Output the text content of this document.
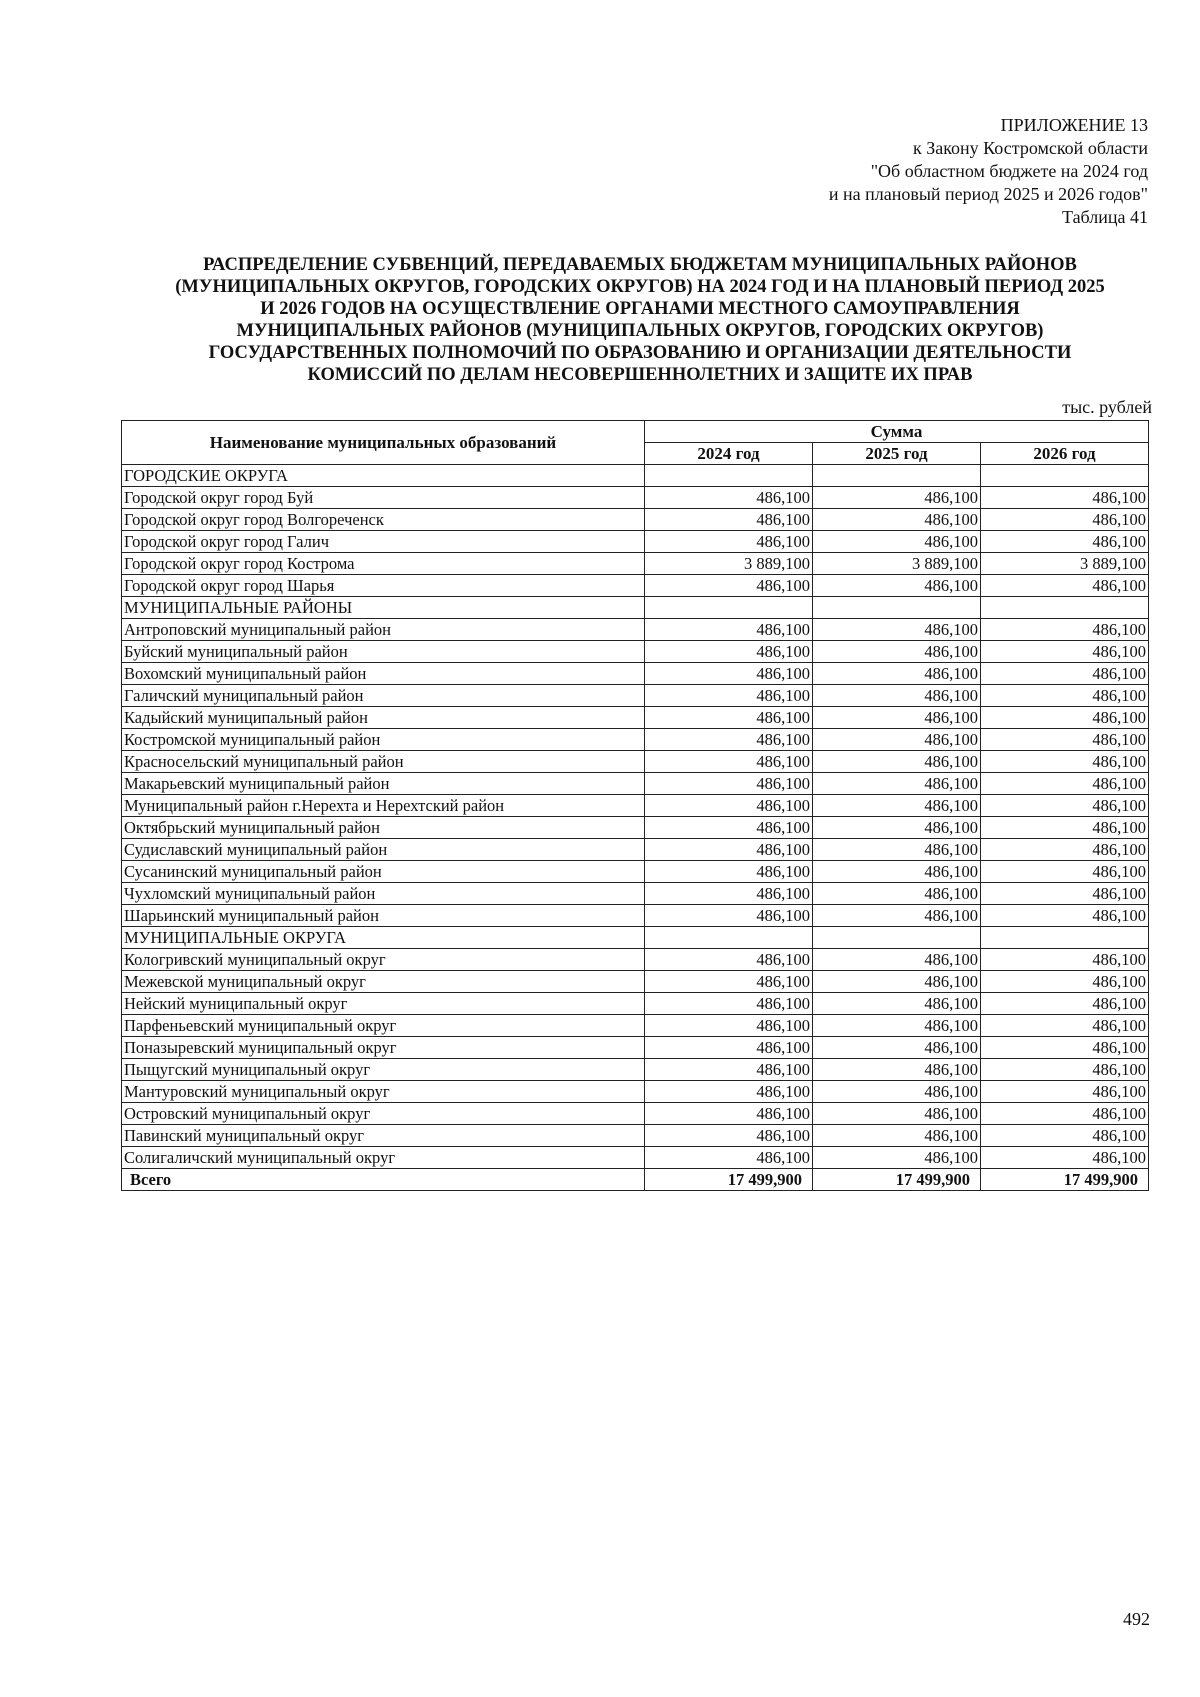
ПРИЛОЖЕНИЕ 13
к Закону Костромской области
"Об областном бюджете на 2024 год
и на плановый период 2025 и 2026 годов"
Таблица 41
РАСПРЕДЕЛЕНИЕ СУБВЕНЦИЙ, ПЕРЕДАВАЕМЫХ БЮДЖЕТАМ МУНИЦИПАЛЬНЫХ РАЙОНОВ
(МУНИЦИПАЛЬНЫХ ОКРУГОВ, ГОРОДСКИХ ОКРУГОВ) НА 2024 ГОД И НА ПЛАНОВЫЙ ПЕРИОД 2025
И 2026 ГОДОВ НА ОСУЩЕСТВЛЕНИЕ ОРГАНАМИ МЕСТНОГО САМОУПРАВЛЕНИЯ
МУНИЦИПАЛЬНЫХ РАЙОНОВ (МУНИЦИПАЛЬНЫХ ОКРУГОВ, ГОРОДСКИХ ОКРУГОВ)
ГОСУДАРСТВЕННЫХ ПОЛНОМОЧИЙ ПО ОБРАЗОВАНИЮ И ОРГАНИЗАЦИИ ДЕЯТЕЛЬНОСТИ
КОМИССИЙ ПО ДЕЛАМ НЕСОВЕРШЕННОЛЕТНИХ И ЗАЩИТЕ ИХ ПРАВ
тыс. рублей
Наименование муниципальных образований	Сумма		
	2024 год	2025 год	2026 год
ГОРОДСКИЕ ОКРУГА			
Городской округ город Буй	486,100	486,100	486,100
Городской округ город Волгореченск	486,100	486,100	486,100
Городской округ город Галич	486,100	486,100	486,100
Городской округ город Кострома	3 889,100	3 889,100	3 889,100
Городской округ город Шарья	486,100	486,100	486,100
МУНИЦИПАЛЬНЫЕ РАЙОНЫ			
Антроповский муниципальный район	486,100	486,100	486,100
Буйский муниципальный район	486,100	486,100	486,100
Вохомский муниципальный район	486,100	486,100	486,100
Галичский муниципальный район	486,100	486,100	486,100
Кадыйский муниципальный район	486,100	486,100	486,100
Костромской муниципальный район	486,100	486,100	486,100
Красносельский муниципальный район	486,100	486,100	486,100
Макарьевский муниципальный район	486,100	486,100	486,100
Муниципальный район г.Нерехта и Нерехтский район	486,100	486,100	486,100
Октябрьский муниципальный район	486,100	486,100	486,100
Судиславский муниципальный район	486,100	486,100	486,100
Сусанинский муниципальный район	486,100	486,100	486,100
Чухломский муниципальный район	486,100	486,100	486,100
Шарьинский муниципальный район	486,100	486,100	486,100
МУНИЦИПАЛЬНЫЕ ОКРУГА			
Кологривский муниципальный округ	486,100	486,100	486,100
Межевской муниципальный округ	486,100	486,100	486,100
Нейский муниципальный округ	486,100	486,100	486,100
Парфеньевский муниципальный округ	486,100	486,100	486,100
Поназыревский муниципальный округ	486,100	486,100	486,100
Пыщугский муниципальный округ	486,100	486,100	486,100
Мантуровский муниципальный округ	486,100	486,100	486,100
Островский муниципальный округ	486,100	486,100	486,100
Павинский муниципальный округ	486,100	486,100	486,100
Солигаличский муниципальный округ	486,100	486,100	486,100
Всего	17 499,900	17 499,900	17 499,900
492
